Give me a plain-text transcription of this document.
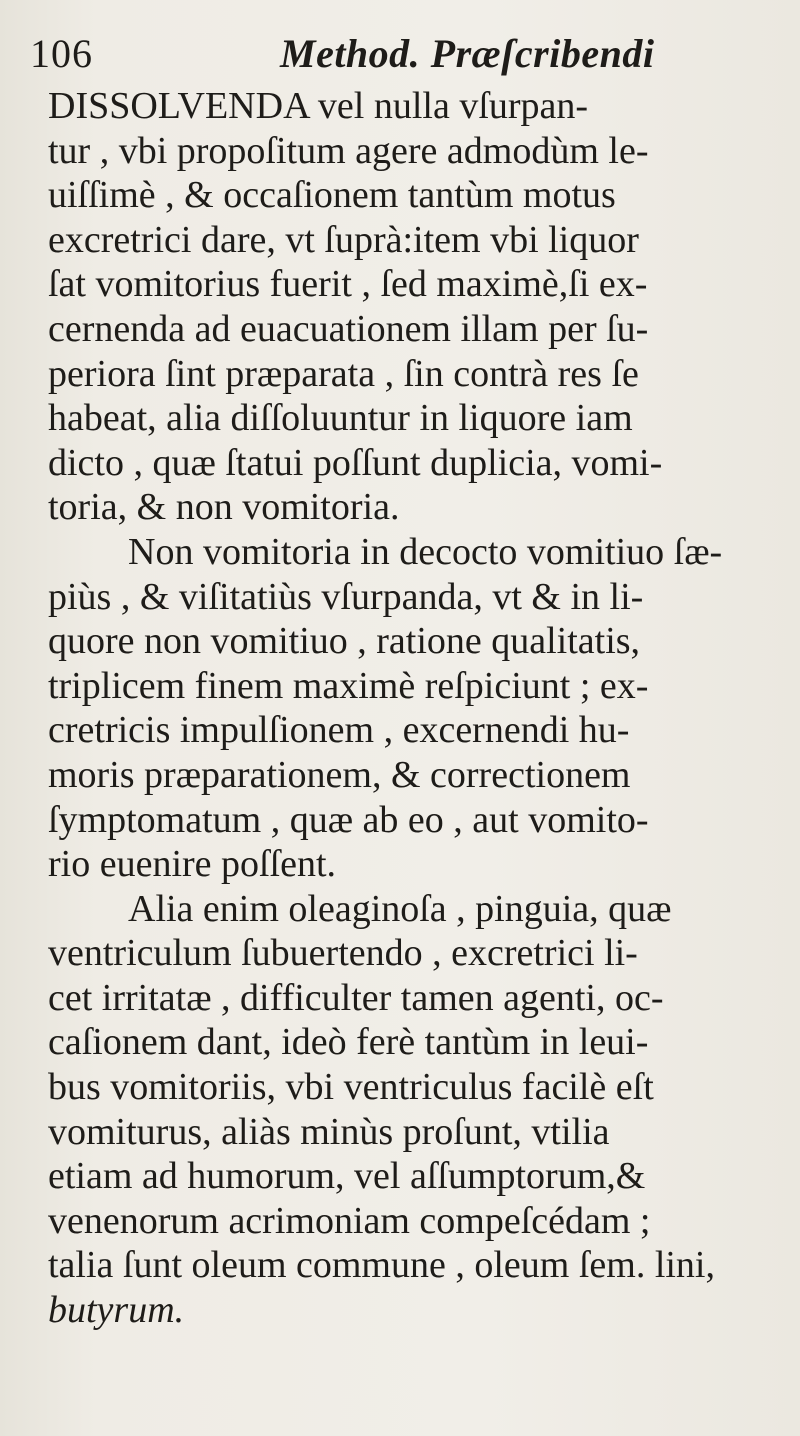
106	Method. Præſcribendi
DISSOLVENDA vel nulla vſurpan-
tur , vbi propoſitum agere admodùm le-
uiſſimè , & occaſionem tantùm motus
excretrici dare, vt ſuprà:item vbi liquor
ſat vomitorius fuerit , ſed maximè,ſi ex-
cernenda ad euacuationem illam per ſu-
periora ſint præparata , ſin contrà res ſe
habeat, alia diſſoluuntur in liquore iam
dicto , quæ ſtatui poſſunt duplicia, vomi-
toria, & non vomitoria.
Non vomitoria in decocto vomitiuo ſæ-
piùs , & viſitatiùs vſurpanda, vt & in li-
quore non vomitiuo , ratione qualitatis,
triplicem finem maximè reſpiciunt ; ex-
cretricis impulſionem , excernendi hu-
moris præparationem, & correctionem
ſymptomatum , quæ ab eo , aut vomito-
rio euenire poſſent.
Alia enim oleaginoſa , pinguia, quæ
ventriculum ſubuertendo , excretrici li-
cet irritatæ , difficulter tamen agenti, oc-
caſionem dant, ideò ferè tantùm in leui-
bus vomitoriis, vbi ventriculus facilè eſt
vomiturus, aliàs minùs proſunt, vtilia
etiam ad humorum, vel aſſumptorum,&
venenorum acrimoniam compeſcédam ;
talia ſunt oleum commune , oleum ſem. lini,
butyrum.
